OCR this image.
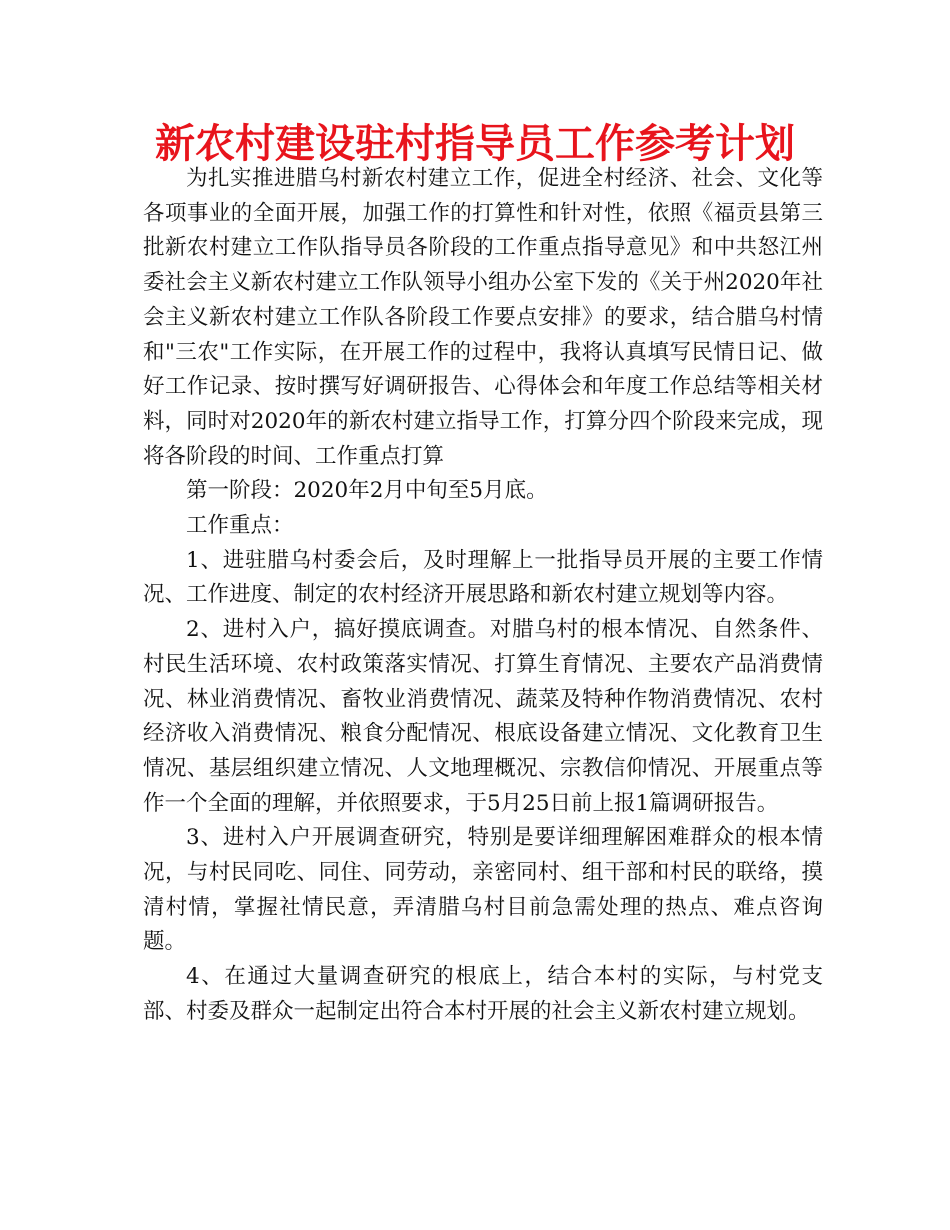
新农村建设驻村指导员工作参考计划

为扎实推进腊乌村新农村建立工作，促进全村经济、社会、文化等各项事业的全面开展，加强工作的打算性和针对性，依照《福贡县第三批新农村建立工作队指导员各阶段的工作重点指导意见》和中共怒江州委社会主义新农村建立工作队领导小组办公室下发的《关于州2020年社会主义新农村建立工作队各阶段工作要点安排》的要求，结合腊乌村情和"三农"工作实际，在开展工作的过程中，我将认真填写民情日记、做好工作记录、按时撰写好调研报告、心得体会和年度工作总结等相关材料，同时对2020年的新农村建立指导工作，打算分四个阶段来完成，现将各阶段的时间、工作重点打算

第一阶段：2020年2月中旬至5月底。

工作重点：

1、进驻腊乌村委会后，及时理解上一批指导员开展的主要工作情况、工作进度、制定的农村经济开展思路和新农村建立规划等内容。

2、进村入户，搞好摸底调查。对腊乌村的根本情况、自然条件、村民生活环境、农村政策落实情况、打算生育情况、主要农产品消费情况、林业消费情况、畜牧业消费情况、蔬菜及特种作物消费情况、农村经济收入消费情况、粮食分配情况、根底设备建立情况、文化教育卫生情况、基层组织建立情况、人文地理概况、宗教信仰情况、开展重点等作一个全面的理解，并依照要求，于5月25日前上报1篇调研报告。

3、进村入户开展调查研究，特别是要详细理解困难群众的根本情况，与村民同吃、同住、同劳动，亲密同村、组干部和村民的联络，摸清村情，掌握社情民意，弄清腊乌村目前急需处理的热点、难点咨询题。

4、在通过大量调查研究的根底上，结合本村的实际，与村党支部、村委及群众一起制定出符合本村开展的社会主义新农村建立规划。
